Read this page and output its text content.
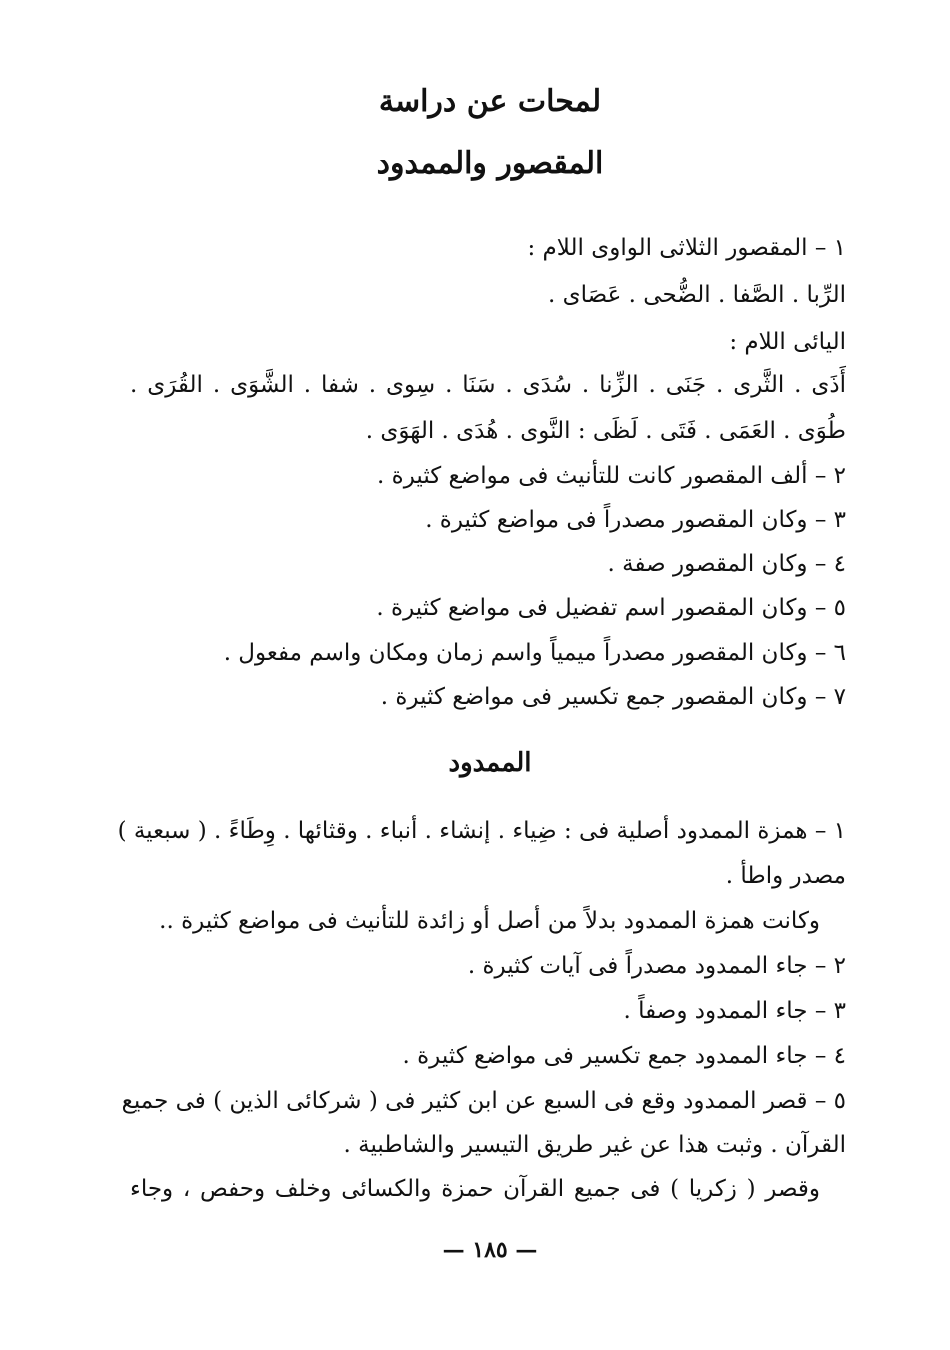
لمحات عن دراسة
المقصور والممدود
١ – المقصور الثلاثى الواوى اللام :
الرِّبا . الصَّفا . الضُّحى . عَصَاى .
اليائى اللام :
أَذَى . الثَّرى . جَنَى . الزِّنا . سُدَى . سَنَا . سِوى . شفا . الشَّوَى . القُرَى .
طُوَى . العَمَى . فَتَى . لَظَى : النَّوى . هُدَى . الهَوَى .
٢ – ألف المقصور كانت للتأنيث فى مواضع كثيرة .
٣ – وكان المقصور مصدراً فى مواضع كثيرة .
٤ – وكان المقصور صفة .
٥ – وكان المقصور اسم تفضيل فى مواضع كثيرة .
٦ – وكان المقصور مصدراً ميمياً واسم زمان ومكان واسم مفعول .
٧ – وكان المقصور جمع تكسير فى مواضع كثيرة .
الممدود
١ – همزة الممدود أصلية فى : ضِياء . إنشاء . أنباء . وقثائها . وِطَاءً . ( سبعية )
مصدر واطأ .
وكانت همزة الممدود بدلاً من أصل أو زائدة للتأنيث فى مواضع كثيرة ..
٢ – جاء الممدود مصدراً فى آيات كثيرة .
٣ – جاء الممدود وصفاً .
٤ – جاء الممدود جمع تكسير فى مواضع كثيرة .
٥ – قصر الممدود وقع فى السبع عن ابن كثير فى ( شركائى الذين ) فى جميع
القرآن . وثبت هذا عن غير طريق التيسير والشاطبية .
وقصر ( زكريا ) فى جميع القرآن حمزة والكسائى وخلف وحفص ، وجاء
— ١٨٥ —
